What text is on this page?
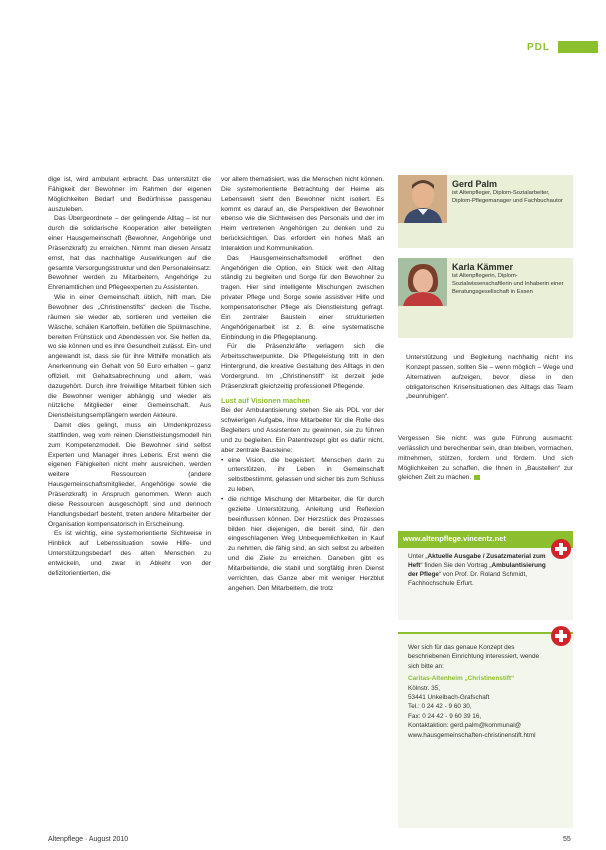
PDL

dige ist, wird ambulant erbracht. Das unterstützt die Fähigkeit der Bewohner im Rahmen der eigenen Möglichkeiten Bedarf und Bedürfnisse passgenau auszuleben.

Das Übergeordnete – der gelingende Alltag – ist nur durch die solidarische Kooperation aller beteiligten einer Hausgemeinschaft (Bewohner, Angehörige und Präsenzkraft) zu erreichen. Nimmt man diesen Ansatz ernst, hat das nachhaltige Auswirkungen auf die gesamte Versorgungsstruktur und den Personaleinsatz: Bewohner werden zu Mitarbeitern, Angehörige zu Ehrenamtlichen und Pflegeexperten zu Assistenten.

Wie in einer Gemeinschaft üblich, hilft man. Die Bewohner des „Christinenstifts“ decken die Tische, räumen sie wieder ab, sortieren und verteilen die Wäsche, schälen Kartoffeln, befüllen die Spülmaschine, bereiten Frühstück und Abendessen vor. Sie helfen da, wo sie können und es ihre Gesundheit zulässt. Ein- und angewandt ist, dass sie für ihre Mithilfe monatlich als Anerkennung ein Gehalt von 50 Euro erhalten – ganz offiziell, mit Gehaltsabrechnung und allem, was dazugehört. Durch ihre freiwillige Mitarbeit fühlen sich die Bewohner weniger abhängig und wieder als nützliche Mitglieder einer Gemeinschaft. Aus Dienstleistungsempfängern werden Akteure.

Damit dies gelingt, muss ein Umdenkprozess stattfinden, weg vom reinen Dienstleistungsmodell hin zum Kompetenzmodell. Die Bewohner sind selbst Experten und Manager ihres Lebens. Erst wenn die eigenen Fähigkeiten nicht mehr ausreichen, werden weitere Ressourcen (andere Hausgemeinschaftsmitglieder, Angehörige sowie die Präsenzkraft) in Anspruch genommen. Wenn auch diese Ressourcen ausgeschöpft sind und dennoch Handlungsbedarf besteht, treten andere Mitarbeiter der Organisation kompensatorisch in Erscheinung.

Es ist wichtig, eine systemorientierte Sichtweise in Hinblick auf Lebenssituation sowie Hilfe- und Unterstützungsbedarf des alten Menschen zu entwickeln, und zwar in Abkehr von der defizitorientierten, die

vor allem thematisiert, was die Menschen nicht können. Die systemorientierte Betrachtung der Heime als Lebenswelt sieht den Bewohner nicht isoliert. Es kommt es darauf an, die Perspektiven der Bewohner ebenso wie die Sichtweisen des Personals und der im Heim vertretenen Angehörigen zu denken und zu berücksichtigen. Das erfordert ein hohes Maß an Interaktion und Kommunikation.

Das Hausgemeinschaftsmodell eröffnet den Angehörigen die Option, ein Stück weit den Alltag ständig zu begleiten und Sorge für den Bewohner zu tragen. Hier sind intelligente Mischungen zwischen privater Pflege und Sorge sowie assistiver Hilfe und kompensatorischer Pflege als Dienstleistung gefragt. Ein zentraler Baustein einer strukturierten Angehörigenarbeit ist z. B. eine systematische Einbindung in die Pflegeplanung.

Für die Präsenzkräfte verlagern sich die Arbeitsschwerpunkte. Die Pflegeleistung tritt in den Hintergrund, die kreative Gestaltung des Alltags in den Vordergrund. Im „Christinenstift“ ist derzeit jede Präsenzkraft gleichzeitig professionell Pflegende.

Lust auf Visionen machen

Bei der Ambulantisierung stehen Sie als PDL vor der schwierigen Aufgabe, Ihre Mitarbeiter für die Rolle des Begleiters und Assistenten zu gewinnen, sie zu führen und zu begleiten. Ein Patentrezept gibt es dafür nicht, aber zentrale Bausteine:

• eine Vision, die begeistert: Menschen darin zu unterstützen, ihr Leben in Gemeinschaft selbstbestimmt, gelassen und sicher bis zum Schluss zu leben,
• die richtige Mischung der Mitarbeiter, die für durch gezielte Unterstützung, Anleitung und Reflexion beeinflussen können. Der Herzstück des Prozesses bilden hier diejenigen, die bereit sind, für den eingeschlagenen Weg Unbequemlichkeiten in Kauf zu nehmen, die fähig sind, an sich selbst zu arbeiten und die Ziele zu erreichen. Daneben gibt es Mitarbeitende, die stabil und sorgfältig ihren Dienst verrichten, das Ganze aber mit weniger Herzblut angehen. Den Mitarbeitern, die trotz
Gerd Palm
ist Altenpfleger, Diplom-Sozialarbeiter, Diplom-Pflegemanager und Fachbuchautor
Karla Kämmer
ist Altenpflegerin, Diplom-Sozialwissenschaftlerin und Inhaberin einer Beratungsgesellschaft in Essen

Unterstützung und Begleitung nachhaltig nicht ins Konzept passen, sollten Sie – wenn möglich – Wege und Alternativen aufzeigen, bevor diese in den obligatorischen Krisensituationen des Alltags das Team „beunruhigen“.

Vergessen Sie nicht: was gute Führung ausmacht: verlässlich und berechenbar sein, dran bleiben, vormachen, mitnehmen, stützen, fordern und fördern. Und sich Möglichkeiten zu schaffen, die Ihnen in „Baustellen“ zur gleichen Zeit zu machen.

www.altenpflege.vincentz.net
Unter „Aktuelle Ausgabe / Zusatzmaterial zum Heft“ finden Sie den Vortrag „Ambulantisierung der Pflege“ von Prof. Dr. Roland Schmidt, Fachhochschule Erfurt.
Wer sich für das genaue Konzept des beschriebenen Einrichtung interessiert, wende sich bitte an:
Caritas-Altenheim „Christinenstift“
Kölnstr. 35,
53441 Unkelbach-Grafschaft
Tel.: 0 24 42 - 9 60 30,
Fax: 0 24 42 - 9 60 39 16,
Kontaktaktion: gerd.palm@kommunal@
www.hausgemeinschaften-christinenstift.html
Altenpflege · August 2010	55
